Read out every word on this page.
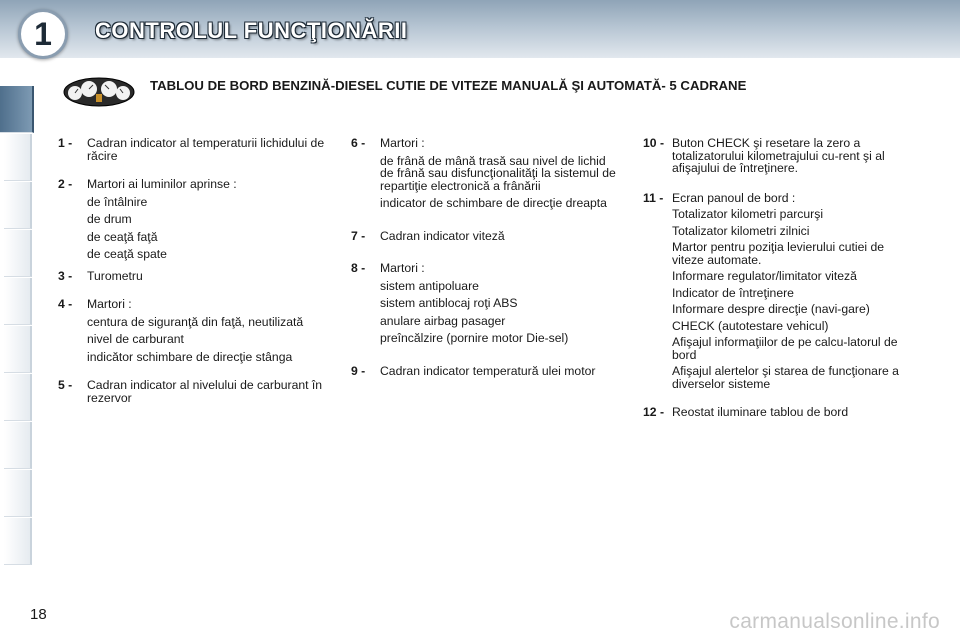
1	CONTROLUL FUNCŢIONĂRII
TABLOU DE BORD BENZINĂ-DIESEL CUTIE DE VITEZE MANUALĂ ŞI AUTOMATĂ- 5 CADRANE
1 - Cadran indicator al temperaturii lichidului de răcire
2 - Martori ai luminilor aprinse :
de întâlnire
de drum
de ceaţă faţă
de ceaţă spate
3 - Turometru
4 - Martori :
centura de siguranţă din faţă, neutilizată
nivel de carburant
indicător schimbare de direcţie stânga
5 - Cadran indicator al nivelului de carburant în rezervor
6 - Martori :
de frână de mână trasă sau nivel de lichid de frână sau disfuncţionalităţi la sistemul de repartiţie electronică a frânării
indicator de schimbare de direcţie dreapta
7 - Cadran indicator viteză
8 - Martori :
sistem antipoluare
sistem antiblocaj roţi ABS
anulare airbag pasager
preîncălzire (pornire motor Die-sel)
9 - Cadran indicator temperatură ulei motor
10 - Buton CHECK şi resetare la zero a totalizatorului kilometrajului cu-rent şi al afişajului de întreţinere.
11 - Ecran panoul de bord :
Totalizator kilometri parcurşi
Totalizator kilometri zilnici
Martor pentru poziţia levierului cutiei de viteze automate.
Informare regulator/limitator viteză
Indicator de întreţinere
Informare despre direcţie (navi-gare)
CHECK (autotestare vehicul)
Afişajul informaţiilor de pe calcu-latorul de bord
Afişajul alertelor şi starea de funcţionare a diverselor sisteme
12 - Reostat iluminare tablou de bord
18	carmanualsonline.info
